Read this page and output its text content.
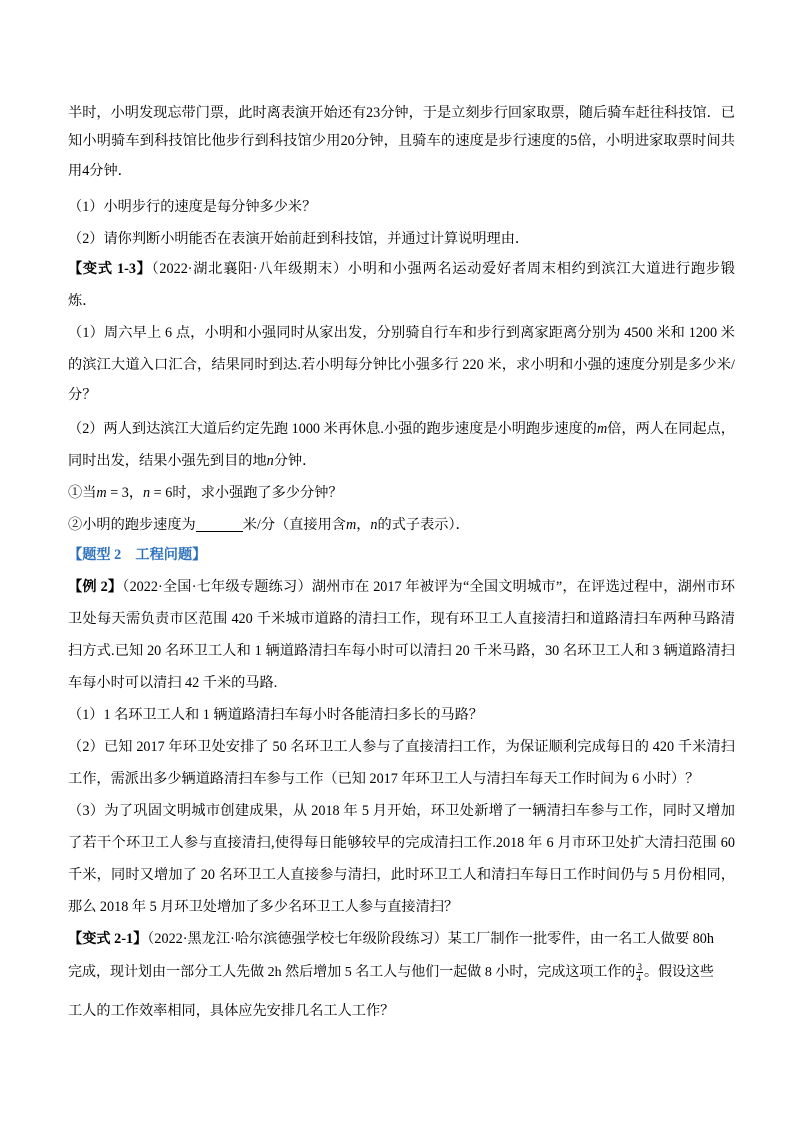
半时，小明发现忘带门票，此时离表演开始还有23分钟，于是立刻步行回家取票，随后骑车赶往科技馆．已
知小明骑车到科技馆比他步行到科技馆少用20分钟，且骑车的速度是步行速度的5倍，小明进家取票时间共
用4分钟．
（1）小明步行的速度是每分钟多少米？
（2）请你判断小明能否在表演开始前赶到科技馆，并通过计算说明理由．
【变式 1-3】（2022·湖北襄阳·八年级期末）小明和小强两名运动爱好者周末相约到滨江大道进行跑步锻
炼．
（1）周六早上 6 点，小明和小强同时从家出发，分别骑自行车和步行到离家距离分别为 4500 米和 1200 米
的滨江大道入口汇合，结果同时到达.若小明每分钟比小强多行 220 米，求小明和小强的速度分别是多少米/
分？
（2）两人到达滨江大道后约定先跑 1000 米再休息.小强的跑步速度是小明跑步速度的m倍，两人在同起点，
同时出发，结果小强先到目的地n分钟．
①当m = 3，n = 6时，求小强跑了多少分钟？
②小明的跑步速度为	米/分（直接用含m，n的式子表示）．
【题型 2　工程问题】
【例 2】（2022·全国·七年级专题练习）湖州市在 2017 年被评为“全国文明城市”，在评选过程中，湖州市环
卫处每天需负责市区范围 420 千米城市道路的清扫工作，现有环卫工人直接清扫和道路清扫车两种马路清
扫方式.已知 20 名环卫工人和 1 辆道路清扫车每小时可以清扫 20 千米马路，30 名环卫工人和 3 辆道路清扫
车每小时可以清扫 42 千米的马路.
（1）1 名环卫工人和 1 辆道路清扫车每小时各能清扫多长的马路？
（2）已知 2017 年环卫处安排了 50 名环卫工人参与了直接清扫工作，为保证顺利完成每日的 420 千米清扫
工作，需派出多少辆道路清扫车参与工作（已知 2017 年环卫工人与清扫车每天工作时间为 6 小时）？
（3）为了巩固文明城市创建成果，从 2018 年 5 月开始，环卫处新增了一辆清扫车参与工作，同时又增加
了若干个环卫工人参与直接清扫,使得每日能够较早的完成清扫工作.2018 年 6 月市环卫处扩大清扫范围 60
千米，同时又增加了 20 名环卫工人直接参与清扫，此时环卫工人和清扫车每日工作时间仍与 5 月份相同，
那么 2018 年 5 月环卫处增加了多少名环卫工人参与直接清扫？
【变式 2-1】（2022·黑龙江·哈尔滨德强学校七年级阶段练习）某工厂制作一批零件，由一名工人做要 80h
完成，现计划由一部分工人先做 2h 然后增加 5 名工人与他们一起做 8 小时，完成这项工作的 $\frac{3}{4}$ 。假设这些
工人的工作效率相同，具体应先安排几名工人工作？
